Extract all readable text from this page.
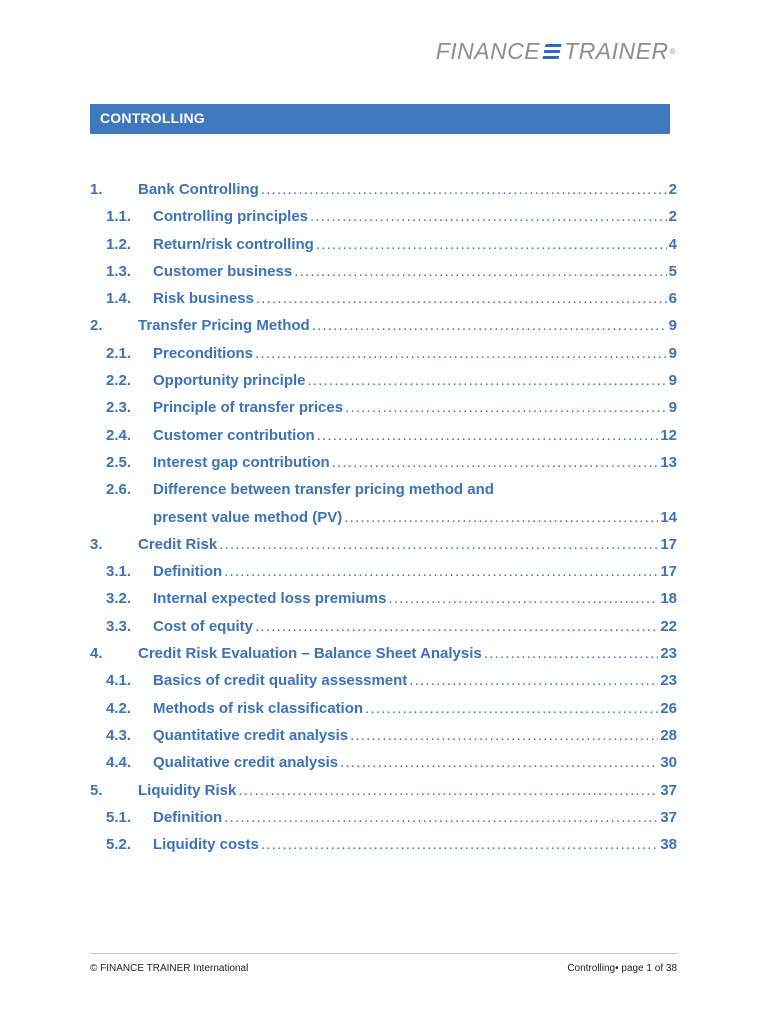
FINANCE TRAINER ®
CONTROLLING
1.	Bank Controlling .....	2
1.1.	Controlling principles .....	2
1.2.	Return/risk controlling .....	4
1.3.	Customer business .....	5
1.4.	Risk business .....	6
2.	Transfer Pricing Method .....	9
2.1.	Preconditions .....	9
2.2.	Opportunity principle .....	9
2.3.	Principle of transfer prices .....	9
2.4.	Customer contribution .....	12
2.5.	Interest gap contribution .....	13
2.6.	Difference between transfer pricing method and
present value method (PV) .....	14
3.	Credit Risk .....	17
3.1.	Definition .....	17
3.2.	Internal expected loss premiums .....	18
3.3.	Cost of equity .....	22
4.	Credit Risk Evaluation – Balance Sheet Analysis .....	23
4.1.	Basics of credit quality assessment .....	23
4.2.	Methods of risk classification .....	26
4.3.	Quantitative credit analysis .....	28
4.4.	Qualitative credit analysis .....	30
5.	Liquidity Risk .....	37
5.1.	Definition .....	37
5.2.	Liquidity costs .....	38
© FINANCE TRAINER International	Controlling• page 1 of 38
